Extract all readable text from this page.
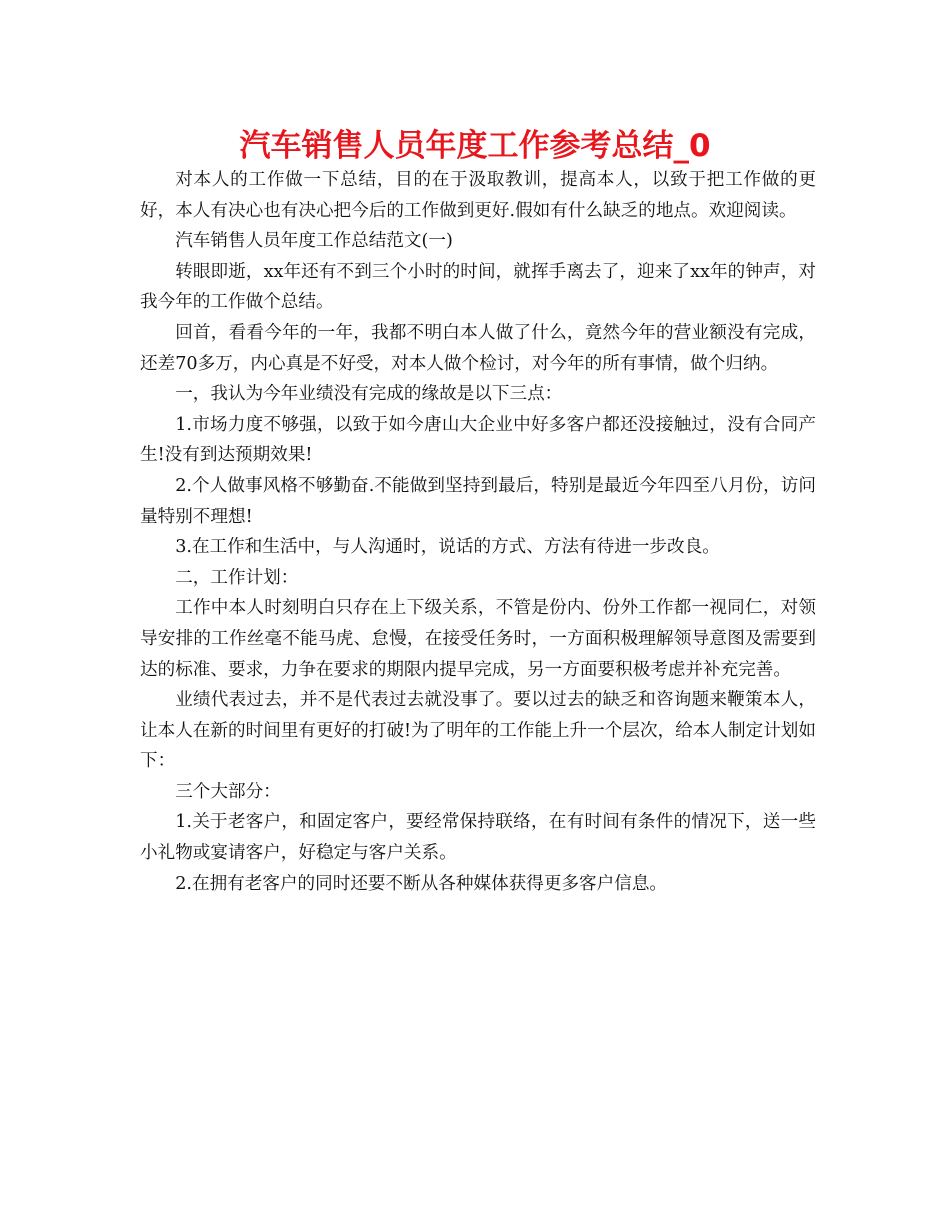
汽车销售人员年度工作参考总结_0

对本人的工作做一下总结，目的在于汲取教训，提高本人，以致于把工作做的更好，本人有决心也有决心把今后的工作做到更好.假如有什么缺乏的地点。欢迎阅读。

汽车销售人员年度工作总结范文(一)

转眼即逝，xx年还有不到三个小时的时间，就挥手离去了，迎来了xx年的钟声，对我今年的工作做个总结。

回首，看看今年的一年，我都不明白本人做了什么，竟然今年的营业额没有完成，还差70多万，内心真是不好受，对本人做个检讨，对今年的所有事情，做个归纳。

一，我认为今年业绩没有完成的缘故是以下三点：

1.市场力度不够强，以致于如今唐山大企业中好多客户都还没接触过，没有合同产生!没有到达预期效果!

2.个人做事风格不够勤奋.不能做到坚持到最后，特别是最近今年四至八月份，访问量特别不理想!

3.在工作和生活中，与人沟通时，说话的方式、方法有待进一步改良。

二，工作计划：

工作中本人时刻明白只存在上下级关系，不管是份内、份外工作都一视同仁，对领导安排的工作丝毫不能马虎、怠慢，在接受任务时，一方面积极理解领导意图及需要到达的标准、要求，力争在要求的期限内提早完成，另一方面要积极考虑并补充完善。

业绩代表过去，并不是代表过去就没事了。要以过去的缺乏和咨询题来鞭策本人，让本人在新的时间里有更好的打破!为了明年的工作能上升一个层次，给本人制定计划如下：

三个大部分：

1.关于老客户，和固定客户，要经常保持联络，在有时间有条件的情况下，送一些小礼物或宴请客户，好稳定与客户关系。

2.在拥有老客户的同时还要不断从各种媒体获得更多客户信息。
